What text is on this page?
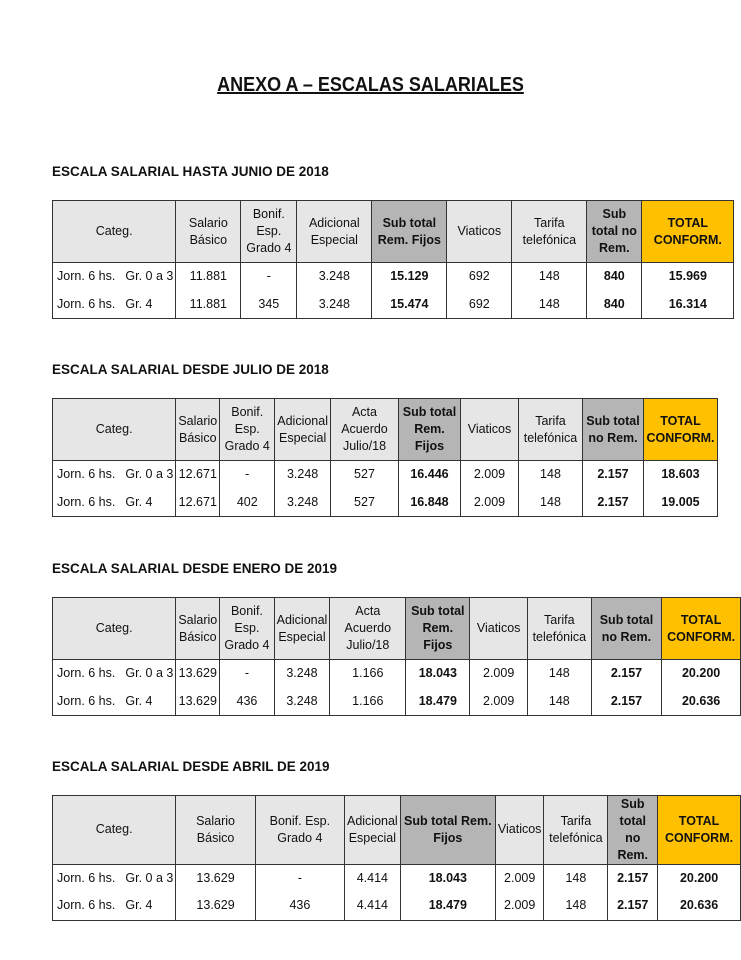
ANEXO A – ESCALAS SALARIALES
ESCALA SALARIAL HASTA JUNIO DE 2018
Categ.	Salario Básico	Bonif. Esp. Grado 4	Adicional Especial	Sub total Rem. Fijos	Viaticos	Tarifa telefónica	Sub total no Rem.	TOTAL CONFORM.
Jorn. 6 hs. Gr. 0 a 3	11.881	-	3.248	15.129	692	148	840	15.969
Jorn. 6 hs. Gr. 4	11.881	345	3.248	15.474	692	148	840	16.314
ESCALA SALARIAL DESDE JULIO DE 2018
Categ.	Salario Básico	Bonif. Esp. Grado 4	Adicional Especial	Acta Acuerdo Julio/18	Sub total Rem. Fijos	Viaticos	Tarifa telefónica	Sub total no Rem.	TOTAL CONFORM.
Jorn. 6 hs. Gr. 0 a 3	12.671	-	3.248	527	16.446	2.009	148	2.157	18.603
Jorn. 6 hs. Gr. 4	12.671	402	3.248	527	16.848	2.009	148	2.157	19.005
ESCALA SALARIAL DESDE ENERO DE 2019
Categ.	Salario Básico	Bonif. Esp. Grado 4	Adicional Especial	Acta Acuerdo Julio/18	Sub total Rem. Fijos	Viaticos	Tarifa telefónica	Sub total no Rem.	TOTAL CONFORM.
Jorn. 6 hs. Gr. 0 a 3	13.629	-	3.248	1.166	18.043	2.009	148	2.157	20.200
Jorn. 6 hs. Gr. 4	13.629	436	3.248	1.166	18.479	2.009	148	2.157	20.636
ESCALA SALARIAL DESDE ABRIL DE 2019
Categ.	Salario Básico	Bonif. Esp. Grado 4	Adicional Especial	Sub total Rem. Fijos	Viaticos	Tarifa telefónica	Sub total no Rem.	TOTAL CONFORM.
Jorn. 6 hs. Gr. 0 a 3	13.629	-	4.414	18.043	2.009	148	2.157	20.200
Jorn. 6 hs. Gr. 4	13.629	436	4.414	18.479	2.009	148	2.157	20.636
